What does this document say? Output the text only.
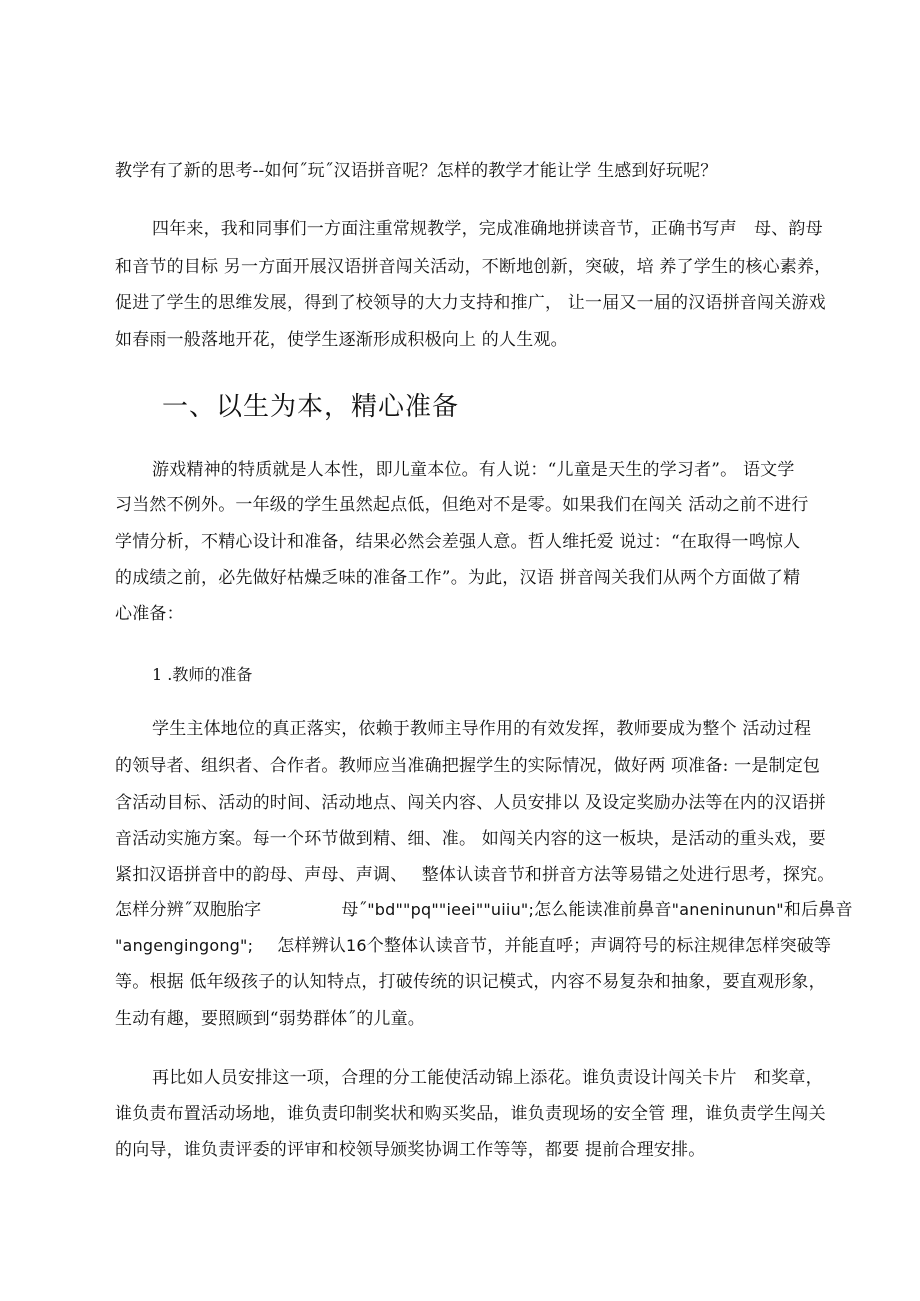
教学有了新的思考--如何˝玩˝汉语拼音呢？怎样的教学才能让学 生感到好玩呢？
四年来，我和同事们一方面注重常规教学，完成准确地拼读音节，正确书写声　母、韵母
和音节的目标 另一方面开展汉语拼音闯关活动，不断地创新，突破，培 养了学生的核心素养，
促进了学生的思维发展，得到了校领导的大力支持和推广， 让一届又一届的汉语拼音闯关游戏
如春雨一般落地开花，使学生逐渐形成积极向上 的人生观。
一、以生为本，精心准备
游戏精神的特质就是人本性，即儿童本位。有人说：“儿童是天生的学习者”。 语文学
习当然不例外。一年级的学生虽然起点低，但绝对不是零。如果我们在闯关 活动之前不进行
学情分析，不精心设计和准备，结果必然会差强人意。哲人维托爱 说过：“在取得一鸣惊人
的成绩之前，必先做好枯燥乏味的准备工作”。为此，汉语 拼音闯关我们从两个方面做了精
心准备：
1 .教师的准备
学生主体地位的真正落实，依赖于教师主导作用的有效发挥，教师要成为整个 活动过程
的领导者、组织者、合作者。教师应当准确把握学生的实际情况，做好两 项准备: 一是制定包
含活动目标、活动的时间、活动地点、闯关内容、人员安排以 及设定奖励办法等在内的汉语拼
音活动实施方案。每一个环节做到精、细、准。 如闯关内容的这一板块，是活动的重头戏，要
紧扣汉语拼音中的韵母、声母、声调、　 整体认读音节和拼音方法等易错之处进行思考，探究。
怎样分辨˝双胞胎字	母˝"bd""pq""ieei""uiiu";怎么能读准前鼻音"aneninunun"和后鼻音
"angengingong"; 怎样辨认16个整体认读音节，并能直呼；声调符号的标注规律怎样突破等
等。根据 低年级孩子的认知特点，打破传统的识记模式，内容不易复杂和抽象，要直观形象，
生动有趣，要照顾到“弱势群体˝的儿童。
再比如人员安排这一项，合理的分工能使活动锦上添花。谁负责设计闯关卡片　和奖章，
谁负责布置活动场地，谁负责印制奖状和购买奖品，谁负责现场的安全管 理，谁负责学生闯关
的向导，谁负责评委的评审和校领导颁奖协调工作等等，都要 提前合理安排。
